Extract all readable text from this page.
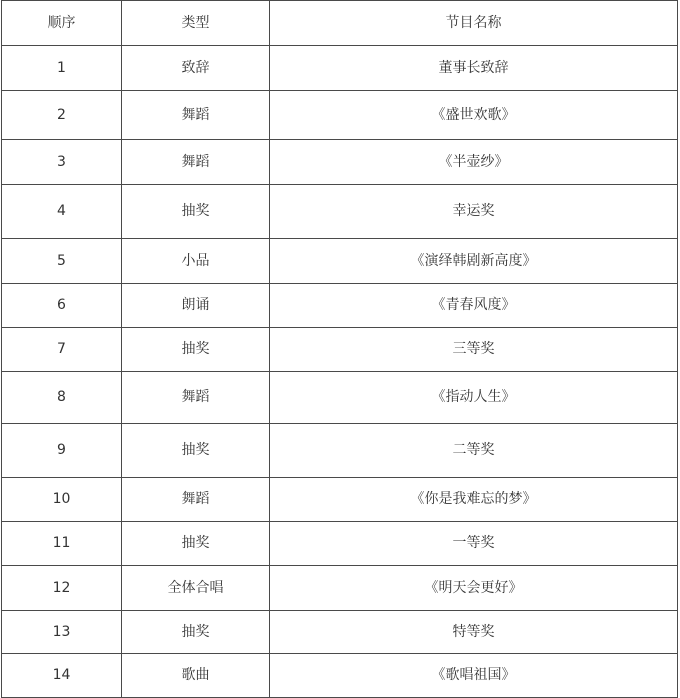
顺序	类型	节目名称
1	致辞	董事长致辞
2	舞蹈	《盛世欢歌》
3	舞蹈	《半壶纱》
4	抽奖	幸运奖
5	小品	《演绎韩剧新高度》
6	朗诵	《青春风度》
7	抽奖	三等奖
8	舞蹈	《指动人生》
9	抽奖	二等奖
10	舞蹈	《你是我难忘的梦》
11	抽奖	一等奖
12	全体合唱	《明天会更好》
13	抽奖	特等奖
14	歌曲	《歌唱祖国》
